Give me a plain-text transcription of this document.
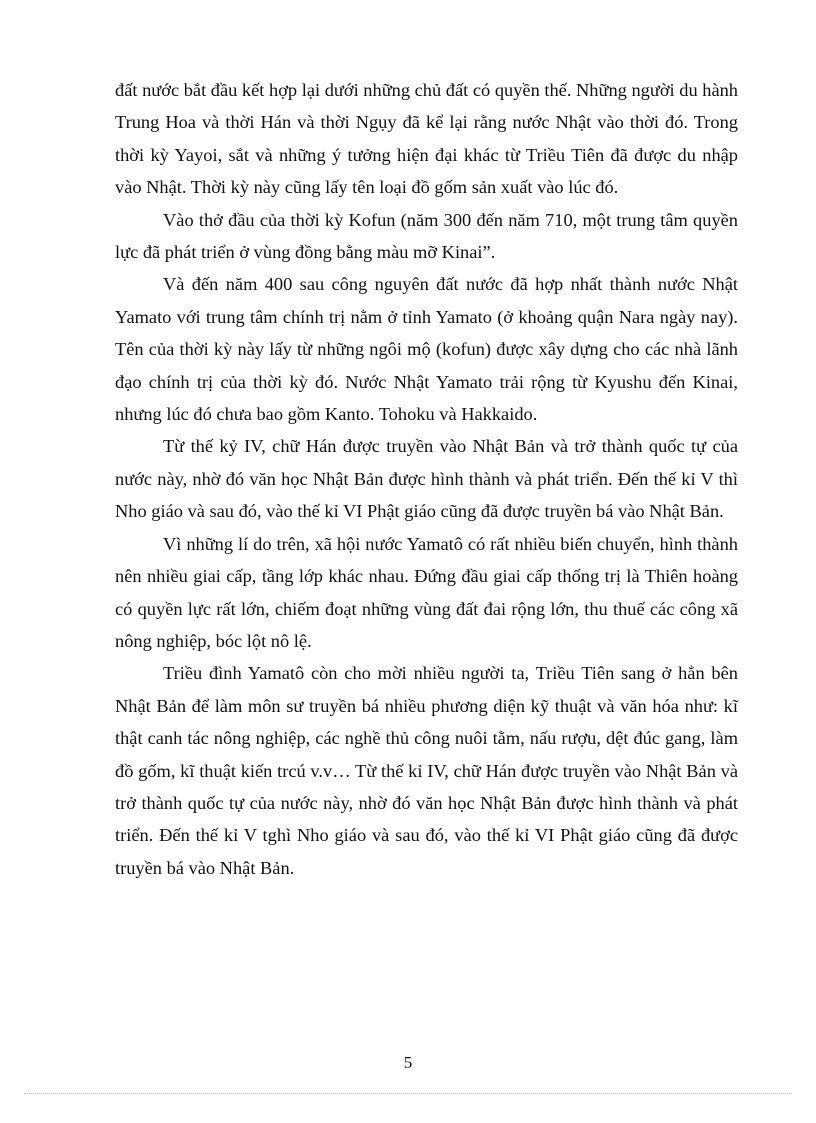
đất nước bắt đầu kết hợp lại dưới những chủ đất có quyền thế. Những người du hành Trung Hoa và thời Hán và thời Ngụy đã kể lại rằng nước Nhật vào thời đó. Trong thời kỳ Yayoi, sắt và những ý tưởng hiện đại khác từ Triều Tiên đã được du nhập vào Nhật. Thời kỳ này cũng lấy tên loại đồ gốm sản xuất vào lúc đó.

Vào thở đầu của thời kỳ Kofun (năm 300 đến năm 710, một trung tâm quyền lực đã phát triển ở vùng đồng bằng màu mỡ Kinai”.

Và đến năm 400 sau công nguyên đất nước đã hợp nhất thành nước Nhật Yamato với trung tâm chính trị nằm ở tỉnh Yamato (ở khoảng quận Nara ngày nay). Tên của thời kỳ này lấy từ những ngôi mộ (kofun) được xây dựng cho các nhà lãnh đạo chính trị của thời kỳ đó. Nước Nhật Yamato trải rộng từ Kyushu đến Kinai, nhưng lúc đó chưa bao gồm Kanto. Tohoku và Hakkaido.

Từ thế kỷ IV, chữ Hán được truyền vào Nhật Bản và trở thành quốc tự của nước này, nhờ đó văn học Nhật Bản được hình thành và phát triển. Đến thế kỉ V thì Nho giáo và sau đó, vào thế kỉ VI Phật giáo cũng đã được truyền bá vào Nhật Bản.

Vì những lí do trên, xã hội nước Yamatô có rất nhiều biến chuyển, hình thành nên nhiều giai cấp, tầng lớp khác nhau. Đứng đầu giai cấp thống trị là Thiên hoàng có quyền lực rất lớn, chiếm đoạt những vùng đất đai rộng lớn, thu thuế các công xã nông nghiệp, bóc lột nô lệ.

Triều đình Yamatô còn cho mời nhiều người ta, Triều Tiên sang ở hẳn bên Nhật Bản để làm môn sư truyền bá nhiều phương diện kỹ thuật và văn hóa như: kĩ thật canh tác nông nghiệp, các nghề thủ công nuôi tằm, nấu rượu, dệt đúc gang, làm đồ gốm, kĩ thuật kiến trcú v.v… Từ thế kỉ IV, chữ Hán được truyền vào Nhật Bản và trở thành quốc tự của nước này, nhờ đó văn học Nhật Bản được hình thành và phát triển. Đến thế kỉ V tghì Nho giáo và sau đó, vào thế kỉ VI Phật giáo cũng đã được truyền bá vào Nhật Bản.

5
